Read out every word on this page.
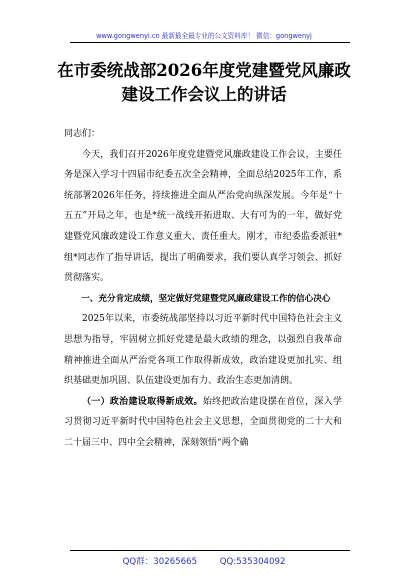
www.gongwenyi.cn 最新最全最专业的公文资料库！ 微信：gongwenyj
在市委统战部2026年度党建暨党风廉政
建设工作会议上的讲话

同志们：

今天，我们召开2026年度党建暨党风廉政建设工作会议，主要任务是深入学习十四届市纪委五次全会精神，全面总结2025年工作，系统部署2026年任务，持续推进全面从严治党向纵深发展。今年是“十五五”开局之年，也是*统一战线开拓进取、大有可为的一年，做好党建暨党风廉政建设工作意义重大、责任重大。刚才，市纪委监委派驻*组*同志作了指导讲话，提出了明确要求，我们要认真学习领会、抓好贯彻落实。

一、充分肯定成绩，坚定做好党建暨党风廉政建设工作的信心决心

2025年以来，市委统战部坚持以习近平新时代中国特色社会主义思想为指导，牢固树立抓好党建是最大政绩的理念，以强烈自我革命精神推进全面从严治党各项工作取得新成效，政治建设更加扎实、组织基础更加巩固、队伍建设更加有力、政治生态更加清朗。

（一）政治建设取得新成效。始终把政治建设摆在首位，深入学习贯彻习近平新时代中国特色社会主义思想，全面贯彻党的二十大和二十届三中、四中全会精神，深刻领悟“两个确

QQ群：30265665	QQ:535304092
